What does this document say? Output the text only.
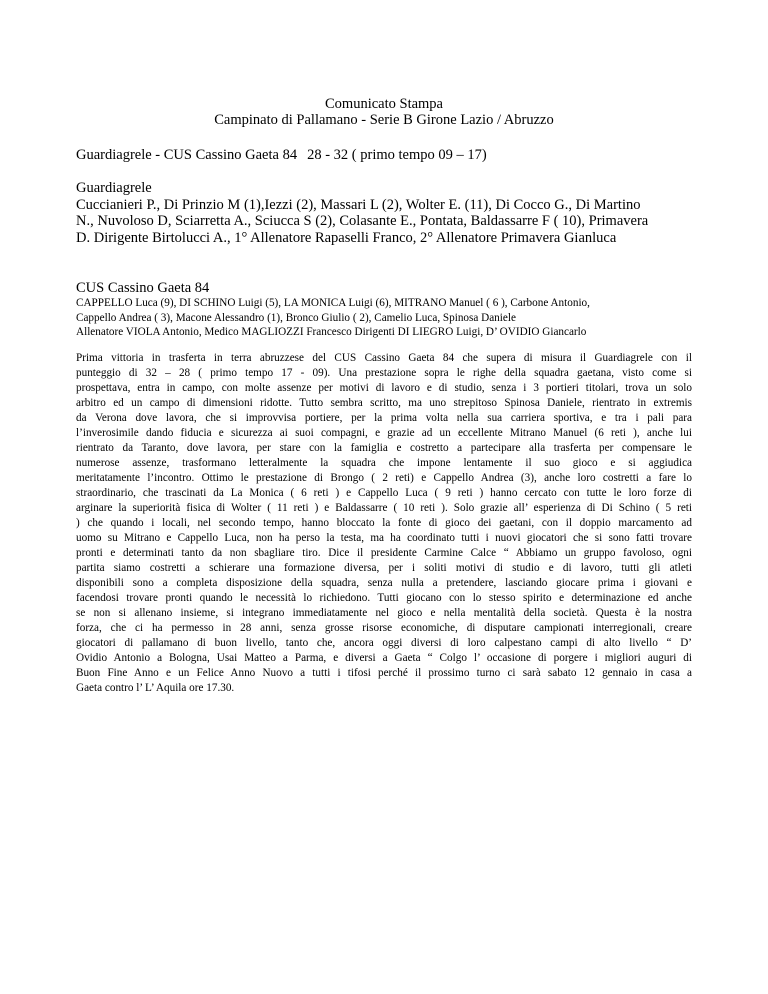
Comunicato Stampa
Campinato di Pallamano - Serie B Girone Lazio / Abruzzo
Guardiagrele - CUS Cassino Gaeta 84 28 - 32 ( primo tempo 09 – 17)
Guardiagrele
Cuccianieri P., Di Prinzio M (1),Iezzi (2), Massari L (2), Wolter E. (11), Di Cocco G., Di Martino
N., Nuvoloso D, Sciarretta A., Sciucca S (2), Colasante E., Pontata, Baldassarre F ( 10), Primavera
D. Dirigente Birtolucci A., 1° Allenatore Rapaselli Franco, 2° Allenatore Primavera Gianluca
CUS Cassino Gaeta 84
CAPPELLO Luca (9), DI SCHINO Luigi (5), LA MONICA Luigi (6), MITRANO Manuel ( 6 ), Carbone Antonio,
Cappello Andrea ( 3), Macone Alessandro (1), Bronco Giulio ( 2), Camelio Luca, Spinosa Daniele
Allenatore VIOLA Antonio, Medico MAGLIOZZI Francesco Dirigenti DI LIEGRO Luigi, D’ OVIDIO Giancarlo
Prima vittoria in trasferta in terra abruzzese del CUS Cassino Gaeta 84 che supera di misura il Guardiagrele con il
punteggio di 32 – 28 ( primo tempo 17 - 09). Una prestazione sopra le righe della squadra gaetana, visto come si
prospettava, entra in campo, con molte assenze per motivi di lavoro e di studio, senza i 3 portieri titolari, trova un solo
arbitro ed un campo di dimensioni ridotte. Tutto sembra scritto, ma uno strepitoso Spinosa Daniele, rientrato in extremis
da Verona dove lavora, che si improvvisa portiere, per la prima volta nella sua carriera sportiva, e tra i pali para
l’inverosimile dando fiducia e sicurezza ai suoi compagni, e grazie ad un eccellente Mitrano Manuel (6 reti ), anche lui
rientrato da Taranto, dove lavora, per stare con la famiglia e costretto a partecipare alla trasferta per compensare le
numerose assenze, trasformano letteralmente la squadra che impone lentamente il suo gioco e si aggiudica
meritatamente l’incontro. Ottimo le prestazione di Brongo ( 2 reti) e Cappello Andrea (3), anche loro costretti a fare lo
straordinario, che trascinati da La Monica ( 6 reti ) e Cappello Luca ( 9 reti ) hanno cercato con tutte le loro forze di
arginare la superiorità fisica di Wolter ( 11 reti ) e Baldassarre ( 10 reti ). Solo grazie all’ esperienza di Di Schino ( 5 reti
) che quando i locali, nel secondo tempo, hanno bloccato la fonte di gioco dei gaetani, con il doppio marcamento ad
uomo su Mitrano e Cappello Luca, non ha perso la testa, ma ha coordinato tutti i nuovi giocatori che si sono fatti trovare
pronti e determinati tanto da non sbagliare tiro. Dice il presidente Carmine Calce “ Abbiamo un gruppo favoloso, ogni
partita siamo costretti a schierare una formazione diversa, per i soliti motivi di studio e di lavoro, tutti gli atleti
disponibili sono a completa disposizione della squadra, senza nulla a pretendere, lasciando giocare prima i giovani e
facendosi trovare pronti quando le necessità lo richiedono. Tutti giocano con lo stesso spirito e determinazione ed anche
se non si allenano insieme, si integrano immediatamente nel gioco e nella mentalità della società. Questa è la nostra
forza, che ci ha permesso in 28 anni, senza grosse risorse economiche, di disputare campionati interregionali, creare
giocatori di pallamano di buon livello, tanto che, ancora oggi diversi di loro calpestano campi di alto livello “ D’
Ovidio Antonio a Bologna, Usai Matteo a Parma, e diversi a Gaeta “ Colgo l’ occasione di porgere i migliori auguri di
Buon Fine Anno e un Felice Anno Nuovo a tutti i tifosi perché il prossimo turno ci sarà sabato 12 gennaio in casa a
Gaeta contro l’ L’ Aquila ore 17.30.
